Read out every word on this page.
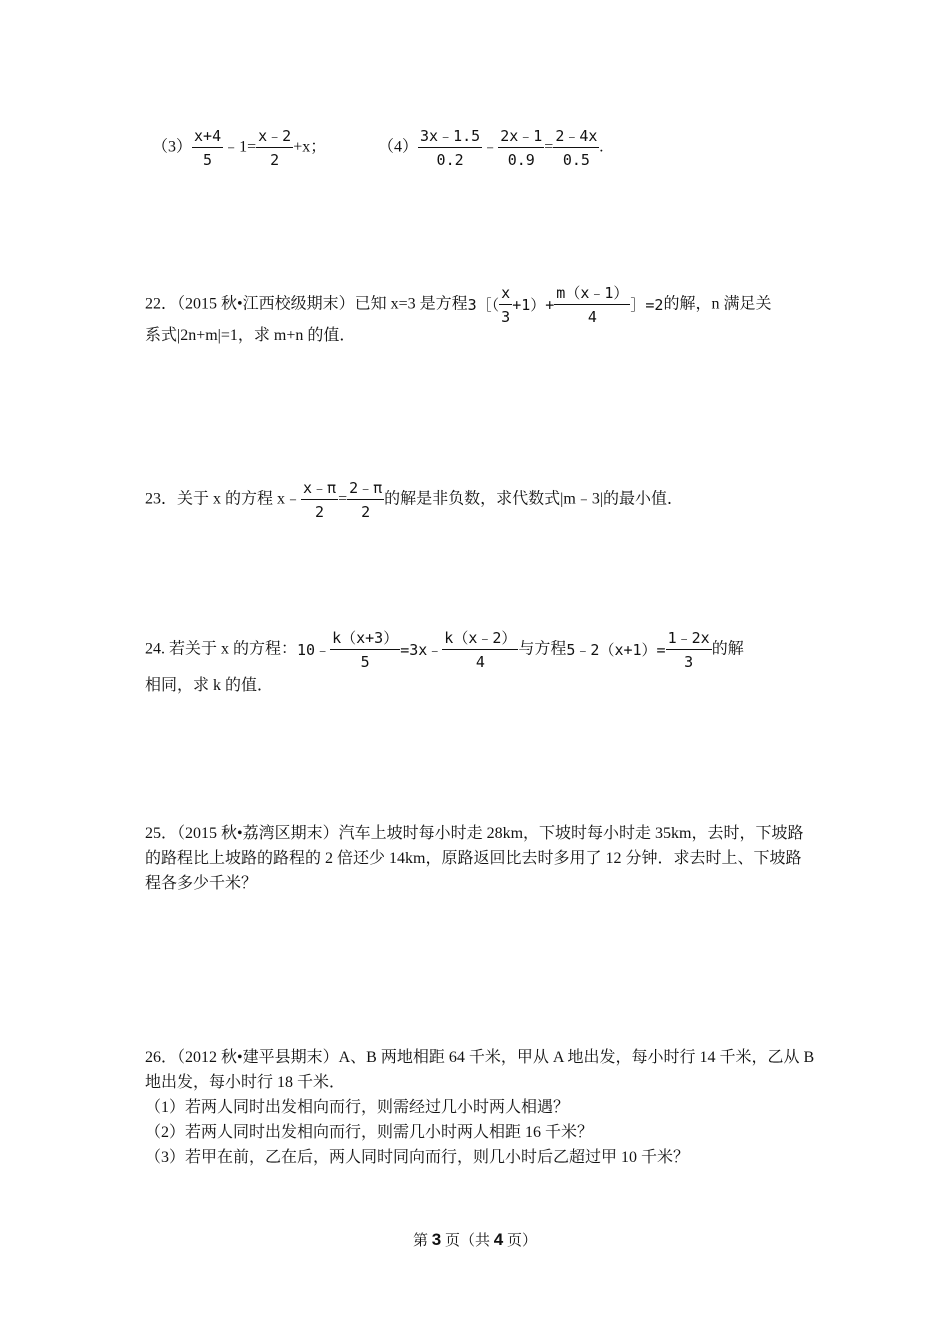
$(3) \frac{x+4}{5}$ ﹣1= $\frac{x﹣2}{2} +x$；	$(4) \frac{3x﹣1.5}{0.2}$ ﹣ $\frac{2x﹣1}{0.9} = \frac{2﹣4x}{0.5}$ .
22．（2015 秋•江西校级期末）已知 x=3 是方程3［（ $\frac{x}{3} +1)+ \frac{m(x﹣1)}{4}$ ］=2的解，n 满足关
系式|2n+m|=1，求 m+n 的值．
23．关于 x 的方程 x﹣ $\frac{x﹣\pi}{2} = \frac{2﹣\pi}{2}$ 的解是非负数，求代数式|m﹣3|的最小值．
24. 若关于 x 的方程：10﹣ $\frac{k(x+3)}{5}$ =3x﹣ $\frac{k(x﹣2)}{4}$ 与方程5﹣2（x+1）= $\frac{1﹣2x}{3}$ 的解
相同，求 k 的值．
25．（2015 秋•荔湾区期末）汽车上坡时每小时走 28km，下坡时每小时走 35km，去时，下坡路
的路程比上坡路的路程的 2 倍还少 14km，原路返回比去时多用了 12 分钟．求去时上、下坡路
程各多少千米？
26．（2012 秋•建平县期末）A、B 两地相距 64 千米，甲从 A 地出发，每小时行 14 千米，乙从 B
地出发，每小时行 18 千米．
（1）若两人同时出发相向而行，则需经过几小时两人相遇？
（2）若两人同时出发相向而行，则需几小时两人相距 16 千米？
（3）若甲在前，乙在后，两人同时同向而行，则几小时后乙超过甲 10 千米？
第 3 页（共 4 页）
